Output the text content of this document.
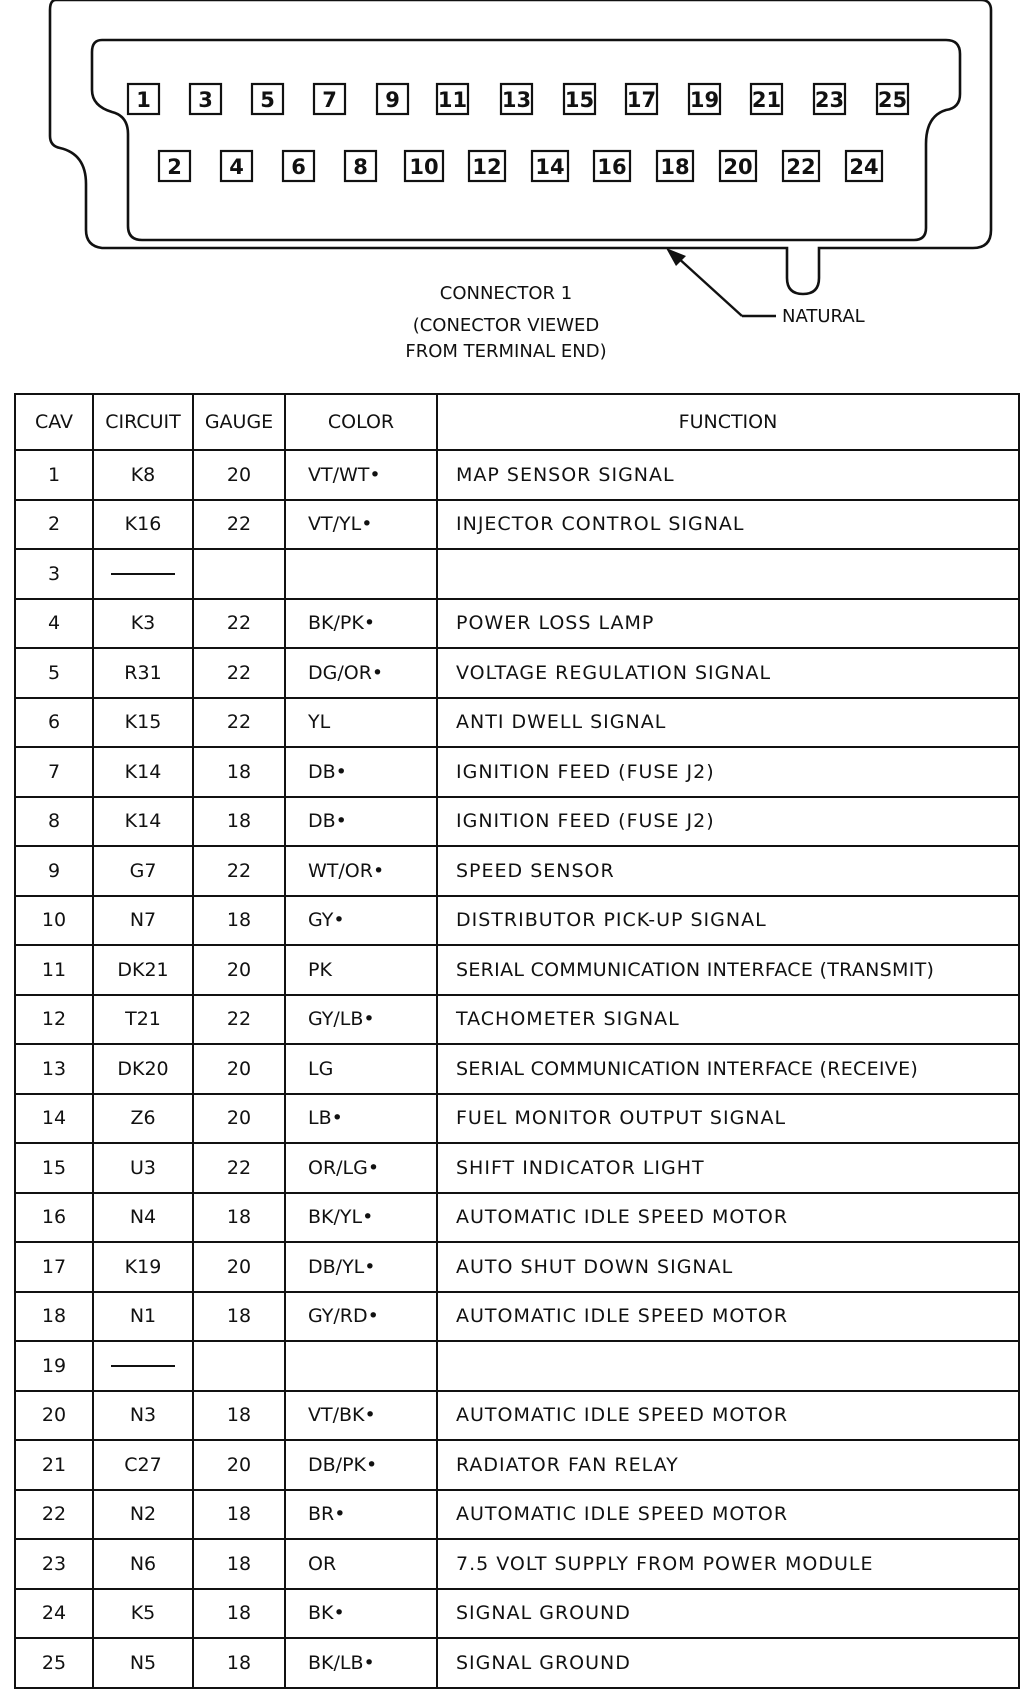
1 3 5 7 9 11 13 15 17 19 21 23 25
2 4 6 8 10 12 14 16 18 20 22 24
NATURAL
CONNECTOR 1
(CONECTOR VIEWED
FROM TERMINAL END)
CAV	CIRCUIT	GAUGE	COLOR	FUNCTION
1	K8	20	VT/WT•	MAP SENSOR SIGNAL
2	K16	22	VT/YL•	INJECTOR CONTROL SIGNAL
3				
4	K3	22	BK/PK•	POWER LOSS LAMP
5	R31	22	DG/OR•	VOLTAGE REGULATION SIGNAL
6	K15	22	YL	ANTI DWELL SIGNAL
7	K14	18	DB•	IGNITION FEED (FUSE J2)
8	K14	18	DB•	IGNITION FEED (FUSE J2)
9	G7	22	WT/OR•	SPEED SENSOR
10	N7	18	GY•	DISTRIBUTOR PICK-UP SIGNAL
11	DK21	20	PK	SERIAL COMMUNICATION INTERFACE (TRANSMIT)
12	T21	22	GY/LB•	TACHOMETER SIGNAL
13	DK20	20	LG	SERIAL COMMUNICATION INTERFACE (RECEIVE)
14	Z6	20	LB•	FUEL MONITOR OUTPUT SIGNAL
15	U3	22	OR/LG•	SHIFT INDICATOR LIGHT
16	N4	18	BK/YL•	AUTOMATIC IDLE SPEED MOTOR
17	K19	20	DB/YL•	AUTO SHUT DOWN SIGNAL
18	N1	18	GY/RD•	AUTOMATIC IDLE SPEED MOTOR
19				
20	N3	18	VT/BK•	AUTOMATIC IDLE SPEED MOTOR
21	C27	20	DB/PK•	RADIATOR FAN RELAY
22	N2	18	BR•	AUTOMATIC IDLE SPEED MOTOR
23	N6	18	OR	7.5 VOLT SUPPLY FROM POWER MODULE
24	K5	18	BK•	SIGNAL GROUND
25	N5	18	BK/LB•	SIGNAL GROUND
